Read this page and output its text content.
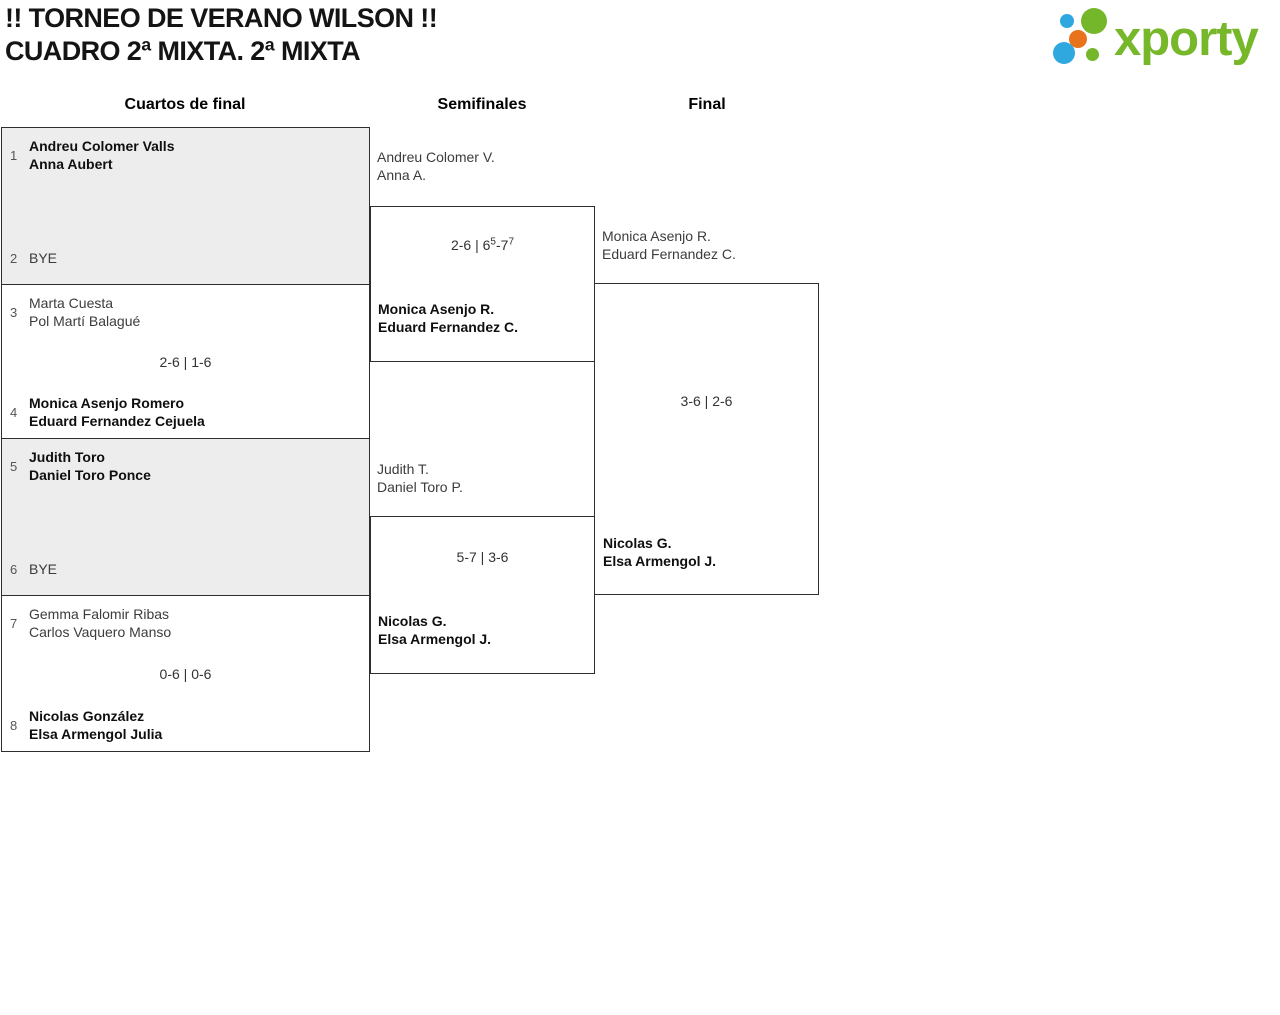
!! TORNEO DE VERANO WILSON !!
CUADRO 2ª MIXTA. 2ª MIXTA	xporty
Cuartos de final	Semifinales	Final
1
Andreu Colomer Valls
Anna Aubert
2 BYE
3
Marta Cuesta
Pol Martí Balagué
2-6 | 1-6
4
Monica Asenjo Romero
Eduard Fernandez Cejuela
5
Judith Toro
Daniel Toro Ponce
6 BYE
7
Gemma Falomir Ribas
Carlos Vaquero Manso
0-6 | 0-6
8
Nicolas González
Elsa Armengol Julia
Andreu Colomer V.
Anna A.
2-6 | $6^5-7^7$
Monica Asenjo R.
Eduard Fernandez C.
Judith T.
Daniel Toro P.
5-7 | 3-6
Nicolas G.
Elsa Armengol J.
Monica Asenjo R.
Eduard Fernandez C.
3-6 | 2-6
Nicolas G.
Elsa Armengol J.
